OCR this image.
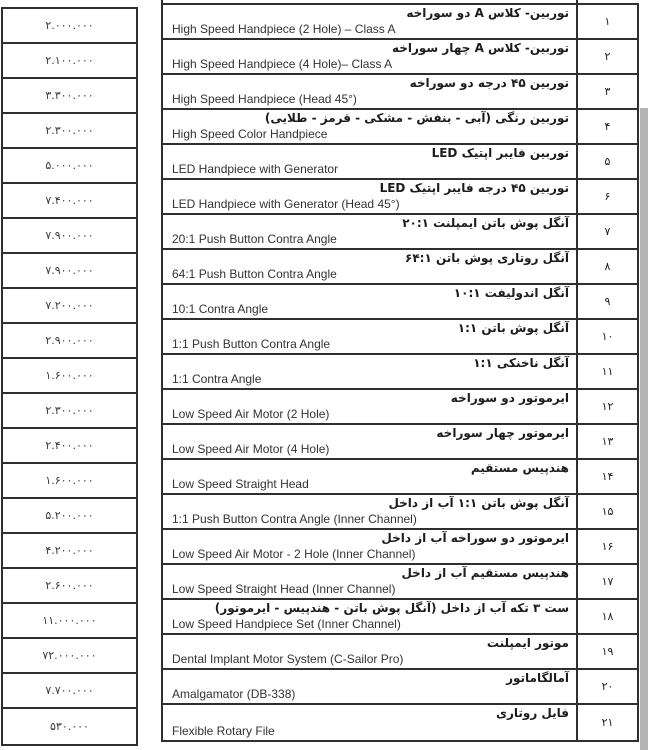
۲.۰۰۰.۰۰۰
۲.۱۰۰.۰۰۰
۳.۳۰۰.۰۰۰
۲.۳۰۰.۰۰۰
۵.۰۰۰.۰۰۰
۷.۴۰۰.۰۰۰
۷.۹۰۰.۰۰۰
۷.۹۰۰.۰۰۰
۷.۲۰۰.۰۰۰
۲.۹۰۰.۰۰۰
۱.۶۰۰.۰۰۰
۲.۳۰۰.۰۰۰
۲.۴۰۰.۰۰۰
۱.۶۰۰.۰۰۰
۵.۲۰۰.۰۰۰
۴.۲۰۰.۰۰۰
۲.۶۰۰.۰۰۰
۱۱.۰۰۰.۰۰۰
۷۲.۰۰۰.۰۰۰
۷.۷۰۰.۰۰۰
۵۳۰.۰۰۰
توربین- کلاس A دو سوراخه
High Speed Handpiece (2 Hole) – Class A
۱
توربین- کلاس A چهار سوراخه
High Speed Handpiece (4 Hole)– Class A
۲
توربین ۴۵ درجه دو سوراخه
High Speed Handpiece (Head 45°)
۳
توربین رنگی (آبی - بنفش - مشکی - قرمز - طلایی)
High Speed Color Handpiece
۴
توربین فایبر اپتیک LED
LED Handpiece with Generator
۵
توربین ۴۵ درجه فایبر اپتیک LED
LED Handpiece with Generator (Head 45°)
۶
آنگل پوش باتن ایمپلنت ۲۰:۱
20:1 Push Button Contra Angle
۷
آنگل روتاری پوش باتن ۶۴:۱
64:1 Push Button Contra Angle
۸
آنگل اندولیفت ۱۰:۱
10:1 Contra Angle
۹
آنگل پوش باتن ۱:۱
1:1 Push Button Contra Angle
۱۰
آنگل ناخنکی ۱:۱
1:1 Contra Angle
۱۱
ایرموتور دو سوراخه
Low Speed Air Motor (2 Hole)
۱۲
ایرموتور چهار سوراخه
Low Speed Air Motor (4 Hole)
۱۳
هندپیس مستقیم
Low Speed Straight Head
۱۴
آنگل پوش باتن ۱:۱ آب از داخل
1:1 Push Button Contra Angle (Inner Channel)
۱۵
ایرموتور دو سوراخه آب از داخل
Low Speed Air Motor - 2 Hole (Inner Channel)
۱۶
هندپیس مستقیم آب از داخل
Low Speed Straight Head (Inner Channel)
۱۷
ست ۳ تکه آب از داخل (آنگل پوش باتن - هندپیس - ایرموتور)
Low Speed Handpiece Set (Inner Channel)
۱۸
موتور ایمپلنت
Dental Implant Motor System (C-Sailor Pro)
۱۹
آمالگاماتور
Amalgamator (DB-338)
۲۰
فایل روتاری
Flexible Rotary File
۲۱
